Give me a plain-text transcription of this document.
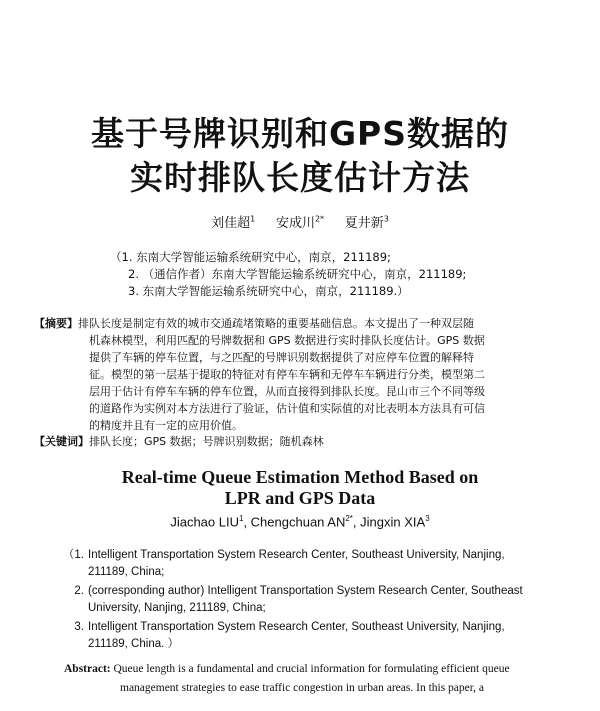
基于号牌识别和GPS数据的
实时排队长度估计方法
刘佳超$^1$ 安成川$^{2*}$ 夏井新$^3$
（1. 东南大学智能运输系统研究中心，南京，211189;
2. （通信作者）东南大学智能运输系统研究中心，南京，211189;
3. 东南大学智能运输系统研究中心，南京，211189.）
【摘要】排队长度是制定有效的城市交通疏堵策略的重要基础信息。本文提出了一种双层随
机森林模型，利用匹配的号牌数据和 GPS 数据进行实时排队长度估计。GPS 数据
提供了车辆的停车位置，与之匹配的号牌识别数据提供了对应停车位置的解释特
征。模型的第一层基于提取的特征对有停车车辆和无停车车辆进行分类，模型第二
层用于估计有停车车辆的停车位置，从而直接得到排队长度。昆山市三个不同等级
的道路作为实例对本方法进行了验证，估计值和实际值的对比表明本方法具有可信
的精度并且有一定的应用价值。
【关键词】排队长度；GPS 数据；号牌识别数据；随机森林
Real-time Queue Estimation Method Based on
LPR and GPS Data
Jiachao LIU$^1$, Chengchuan $AN^{2*}$, Jingxin XIA$^3$
（1. Intelligent Transportation System Research Center, Southeast University, Nanjing,
211189, China;
2. (corresponding author) Intelligent Transportation System Research Center, Southeast
University, Nanjing, 211189, China;
3. Intelligent Transportation System Research Center, Southeast University, Nanjing,
211189, China. ）
Abstract: Queue length is a fundamental and crucial information for formulating efficient queue
management strategies to ease traffic congestion in urban areas. In this paper, a
